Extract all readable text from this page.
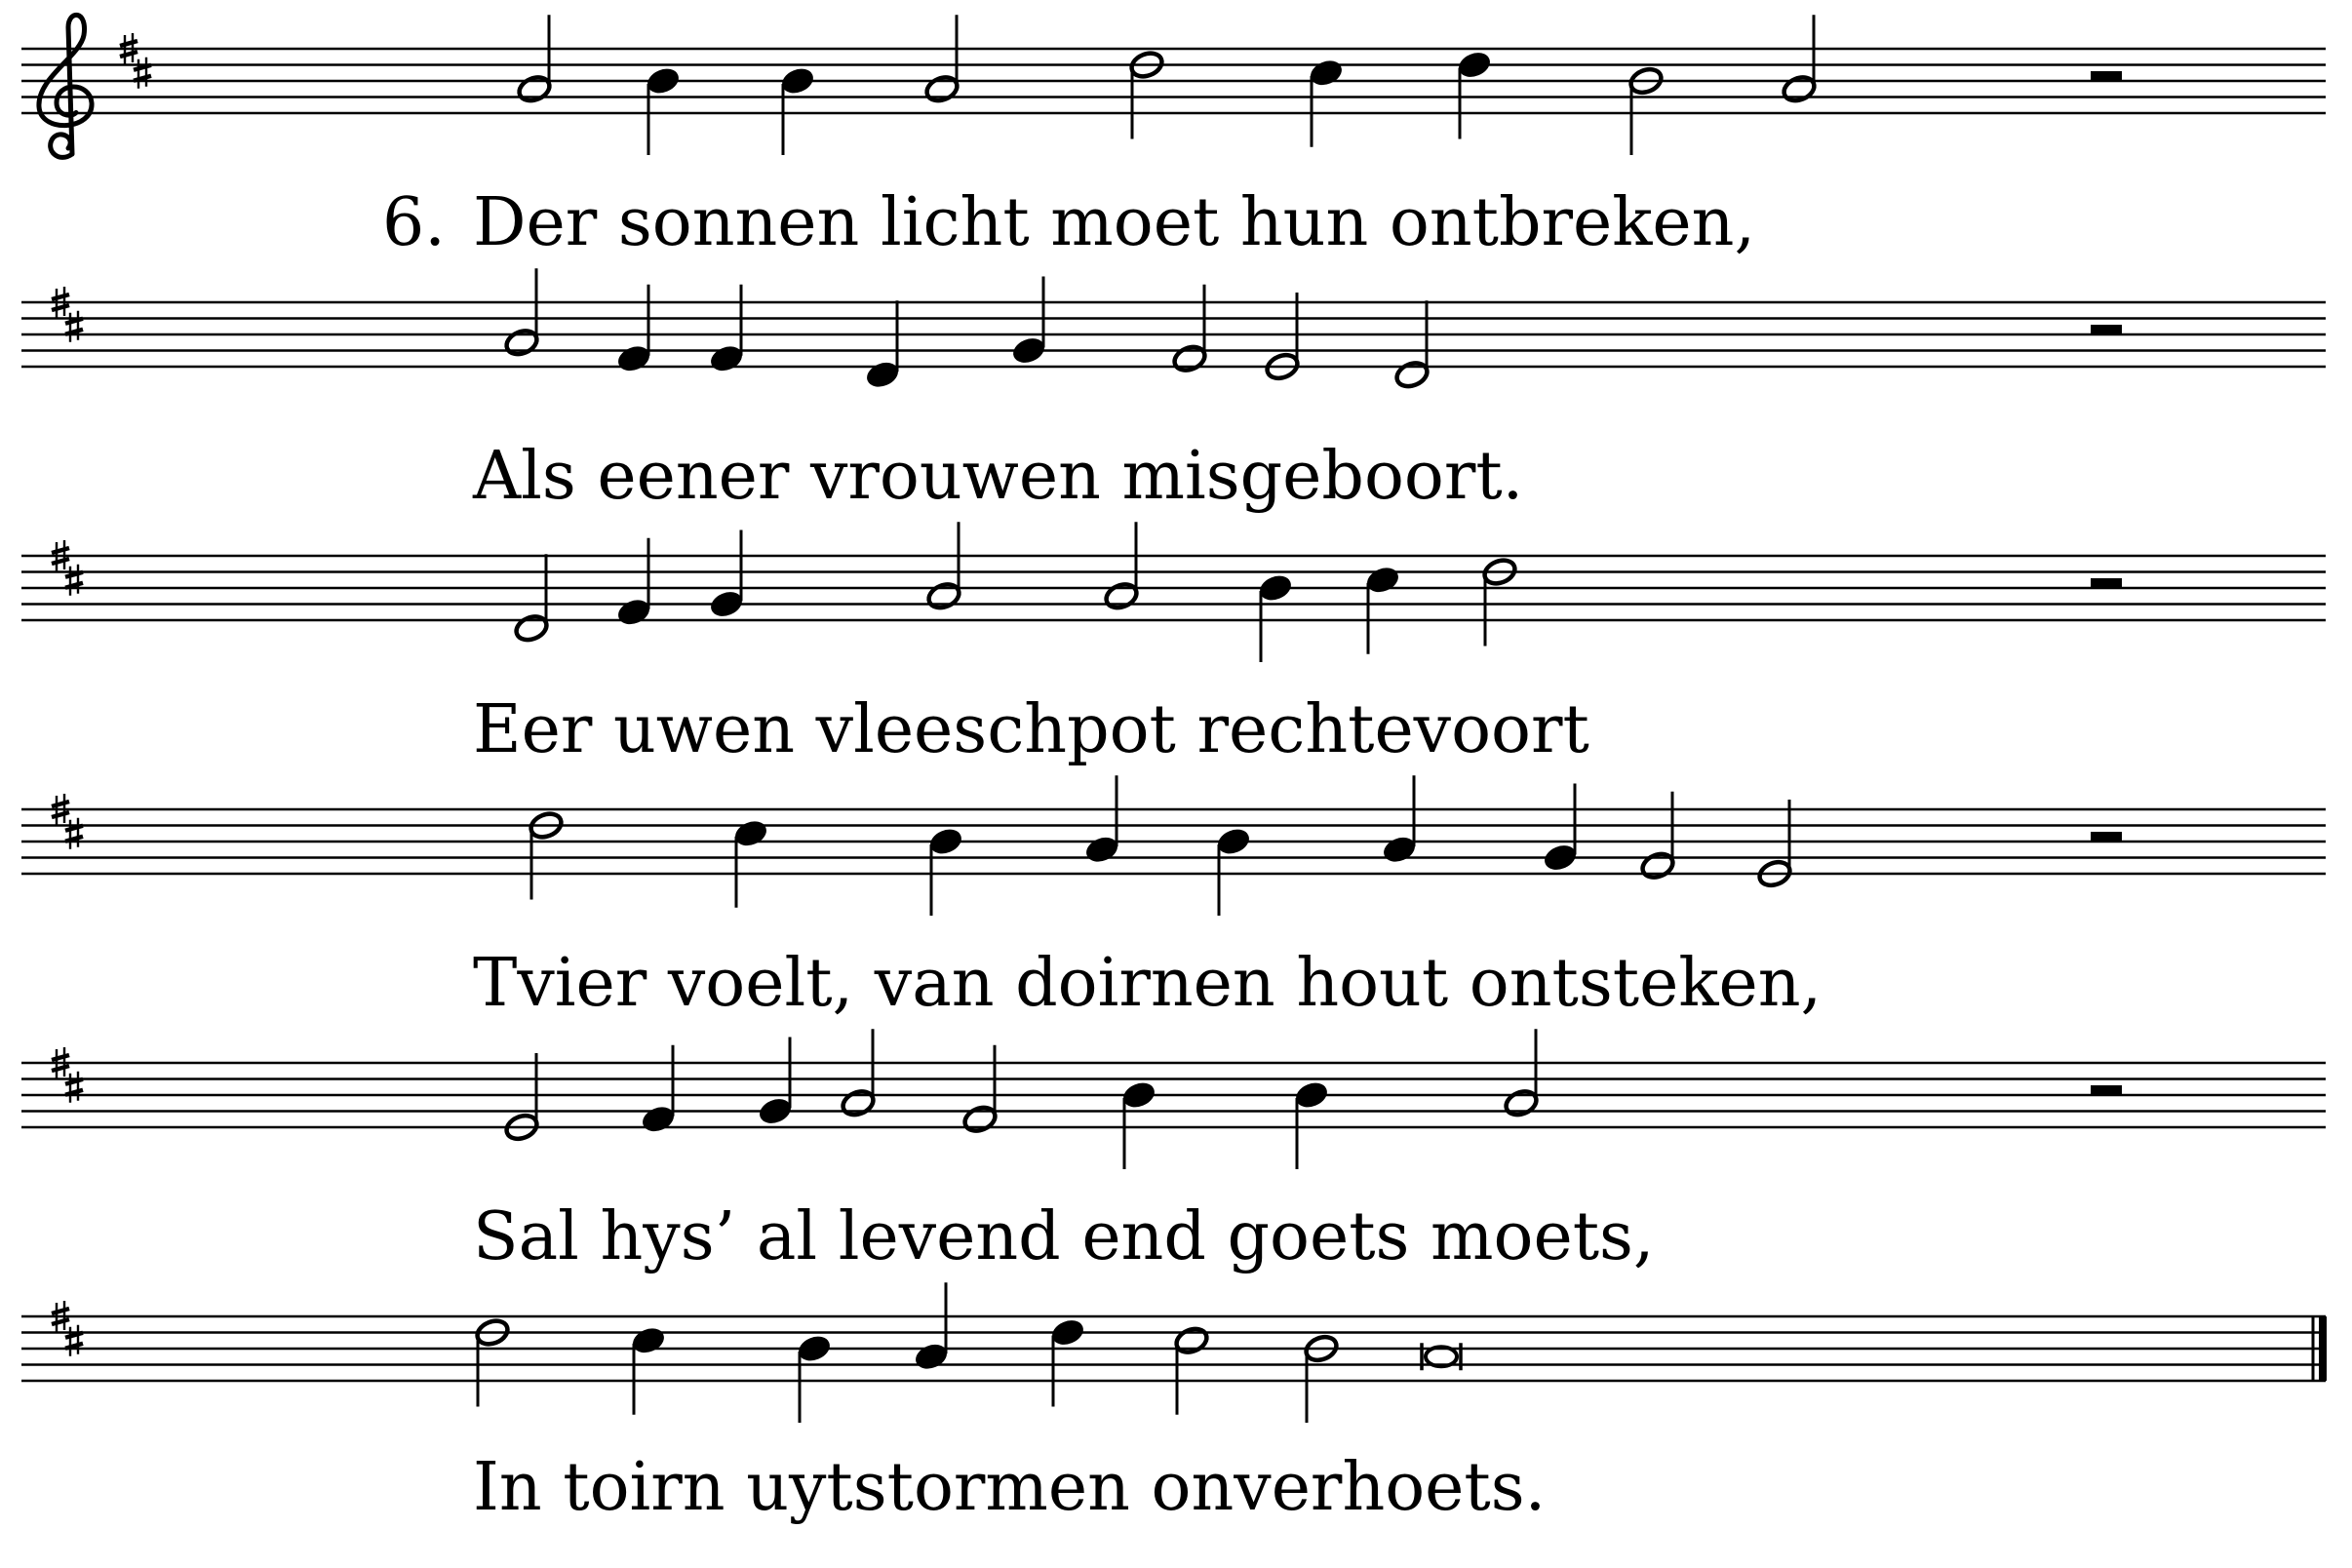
6. Der sonnen licht moet hun ontbreken,
Als eener vrouwen misgeboort.
Eer uwen vleeschpot rechtevoort
Tvier voelt, van doirnen hout ontsteken,
Sal hys’ al levend end goets moets,
In toirn uytstormen onverhoets.
